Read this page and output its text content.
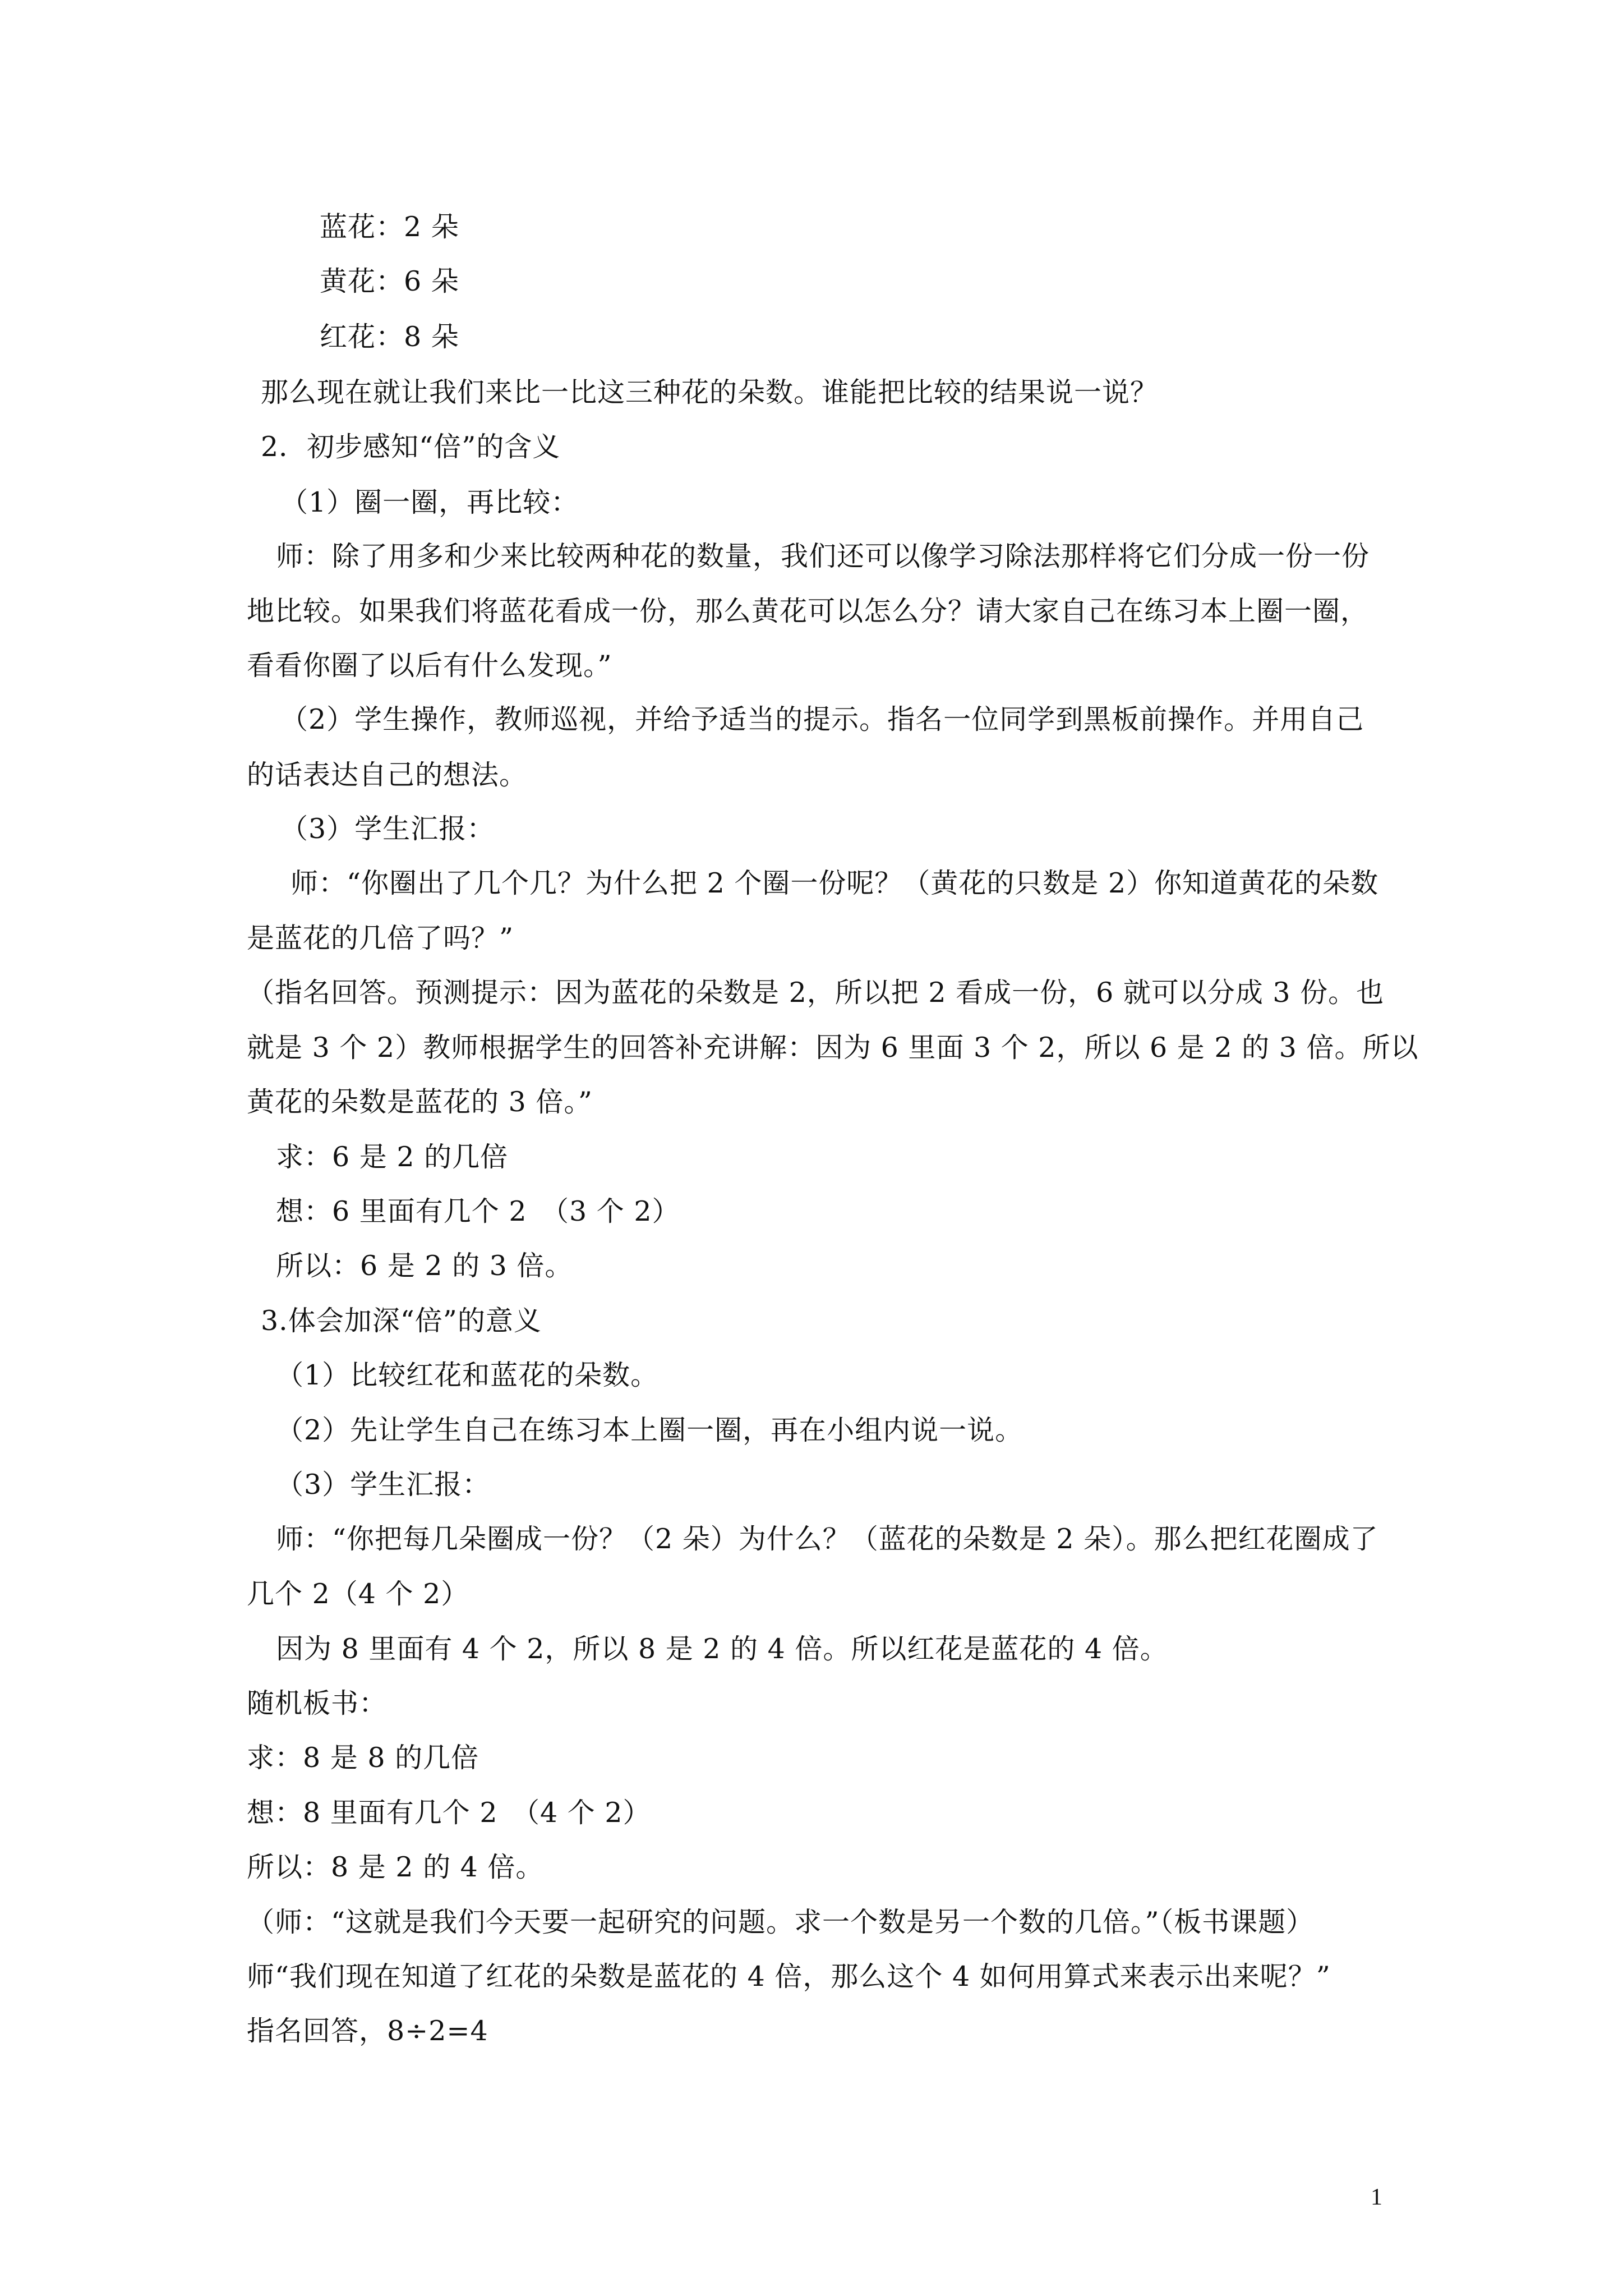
蓝花：2 朵
黄花：6 朵
红花：8 朵
那么现在就让我们来比一比这三种花的朵数。谁能把比较的结果说一说？
2．初步感知“倍”的含义
（1）圈一圈，再比较：
师：除了用多和少来比较两种花的数量，我们还可以像学习除法那样将它们分成一份一份
地比较。如果我们将蓝花看成一份，那么黄花可以怎么分？请大家自己在练习本上圈一圈，
看看你圈了以后有什么发现。”
（2）学生操作，教师巡视，并给予适当的提示。指名一位同学到黑板前操作。并用自己
的话表达自己的想法。
（3）学生汇报：
师：“你圈出了几个几？为什么把 2 个圈一份呢？（黄花的只数是 2）你知道黄花的朵数
是蓝花的几倍了吗？”
（指名回答。预测提示：因为蓝花的朵数是 2，所以把 2 看成一份，6 就可以分成 3 份。也
就是 3 个 2）教师根据学生的回答补充讲解：因为 6 里面 3 个 2，所以 6 是 2 的 3 倍。所以
黄花的朵数是蓝花的 3 倍。”
求：6 是 2 的几倍
想：6 里面有几个 2　（3 个 2）
所以：6 是 2 的 3 倍。
3.体会加深“倍”的意义
（1）比较红花和蓝花的朵数。
（2）先让学生自己在练习本上圈一圈，再在小组内说一说。
（3）学生汇报：
师：“你把每几朵圈成一份？（2 朵）为什么？（蓝花的朵数是 2 朵）。那么把红花圈成了
几个 2（4 个 2）
因为 8 里面有 4 个 2，所以 8 是 2 的 4 倍。所以红花是蓝花的 4 倍。
随机板书：
求：8 是 8 的几倍
想：8 里面有几个 2　（4 个 2）
所以：8 是 2 的 4 倍。
（师：“这就是我们今天要一起研究的问题。求一个数是另一个数的几倍。”（板书课题）
师“我们现在知道了红花的朵数是蓝花的 4 倍，那么这个 4 如何用算式来表示出来呢？”
指名回答，8÷2=4
1
